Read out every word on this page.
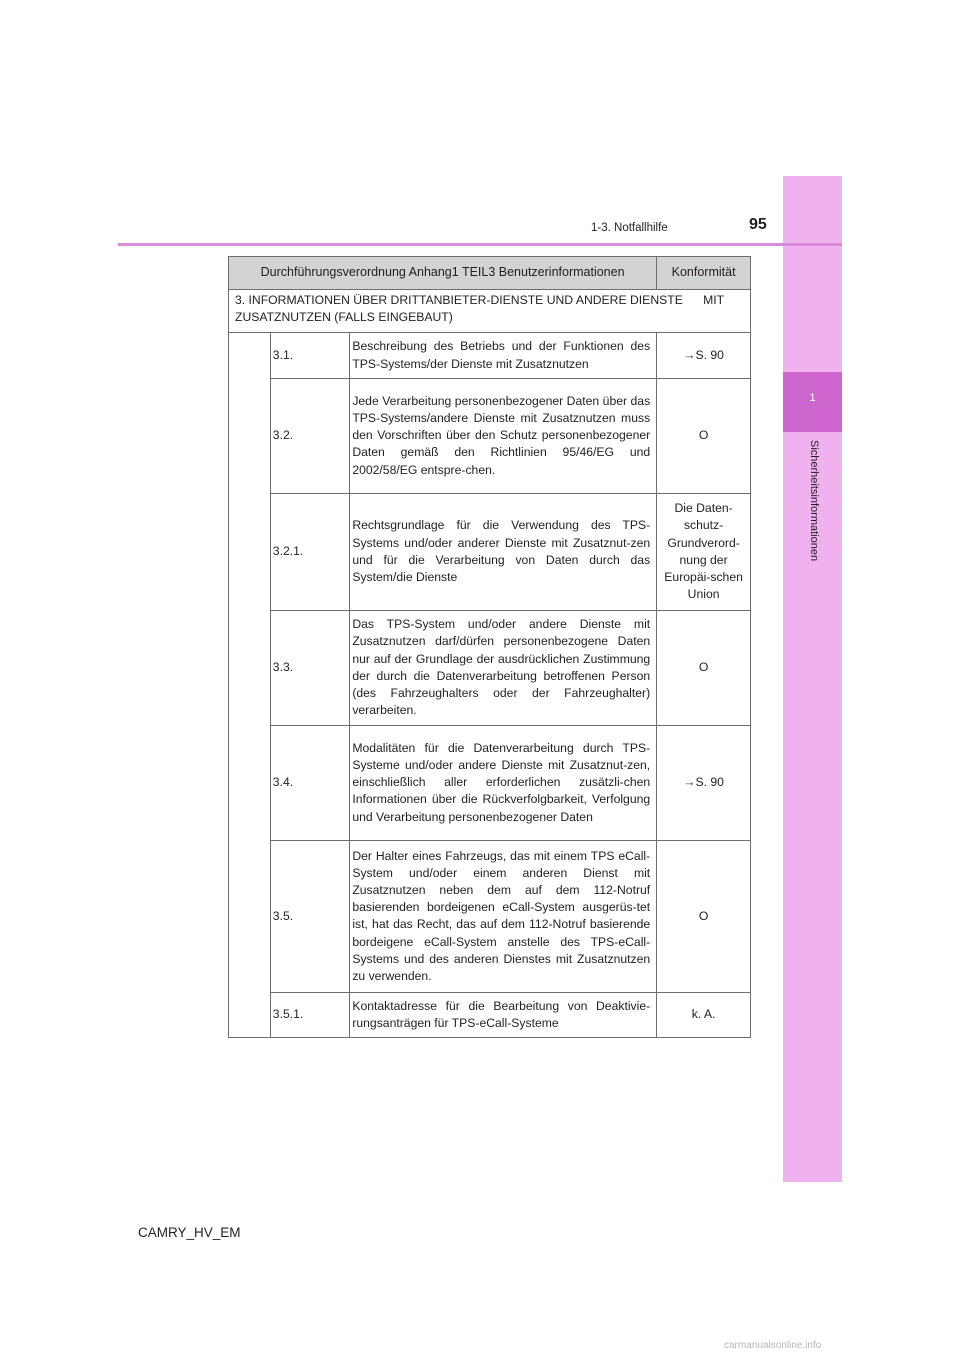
1
Sicherheitsinformationen
1-3. Notfallhilfe	95
Durchführungsverordnung Anhang1 TEIL3 Benutzerinformationen			Konformität
3. INFORMATIONEN ÜBER DRITTANBIETER-DIENSTE UND ANDERE DIENSTE      MIT ZUSATZNUTZEN (FALLS EINGEBAUT)			
	3.1.	Beschreibung des Betriebs und der Funktionen des TPS-Systems/der Dienste mit Zusatznutzen	→S. 90
	3.2.	Jede Verarbeitung personenbezogener Daten über das TPS-Systems/andere Dienste mit Zusatznutzen muss den Vorschriften über den Schutz personenbezogener Daten gemäß den Richtlinien 95/46/EG und 2002/58/EG entspre-chen.	O
	3.2.1.	Rechtsgrundlage für die Verwendung des TPS-Systems und/oder anderer Dienste mit Zusatznut-zen und für die Verarbeitung von Daten durch das System/die Dienste	Die Daten-schutz-Grundverord-nung der Europäi-schen Union
	3.3.	Das TPS-System und/oder andere Dienste mit Zusatznutzen darf/dürfen personenbezogene Daten nur auf der Grundlage der ausdrücklichen Zustimmung der durch die Datenverarbeitung betroffenen Person (des Fahrzeughalters oder der Fahrzeughalter) verarbeiten.	O
	3.4.	Modalitäten für die Datenverarbeitung durch TPS-Systeme und/oder andere Dienste mit Zusatznut-zen, einschließlich aller erforderlichen zusätzli-chen Informationen über die Rückverfolgbarkeit, Verfolgung und Verarbeitung personenbezogener Daten	→S. 90
	3.5.	Der Halter eines Fahrzeugs, das mit einem TPS eCall-System und/oder einem anderen Dienst mit Zusatznutzen neben dem auf dem 112-Notruf basierenden bordeigenen eCall-System ausgerüs-tet ist, hat das Recht, das auf dem 112-Notruf basierende bordeigene eCall-System anstelle des TPS-eCall-Systems und des anderen Dienstes mit Zusatznutzen zu verwenden.	O
	3.5.1.	Kontaktadresse für die Bearbeitung von Deaktivie-rungsanträgen für TPS-eCall-Systeme	k. A.
CAMRY_HV_EM
carmanualsonline.info
